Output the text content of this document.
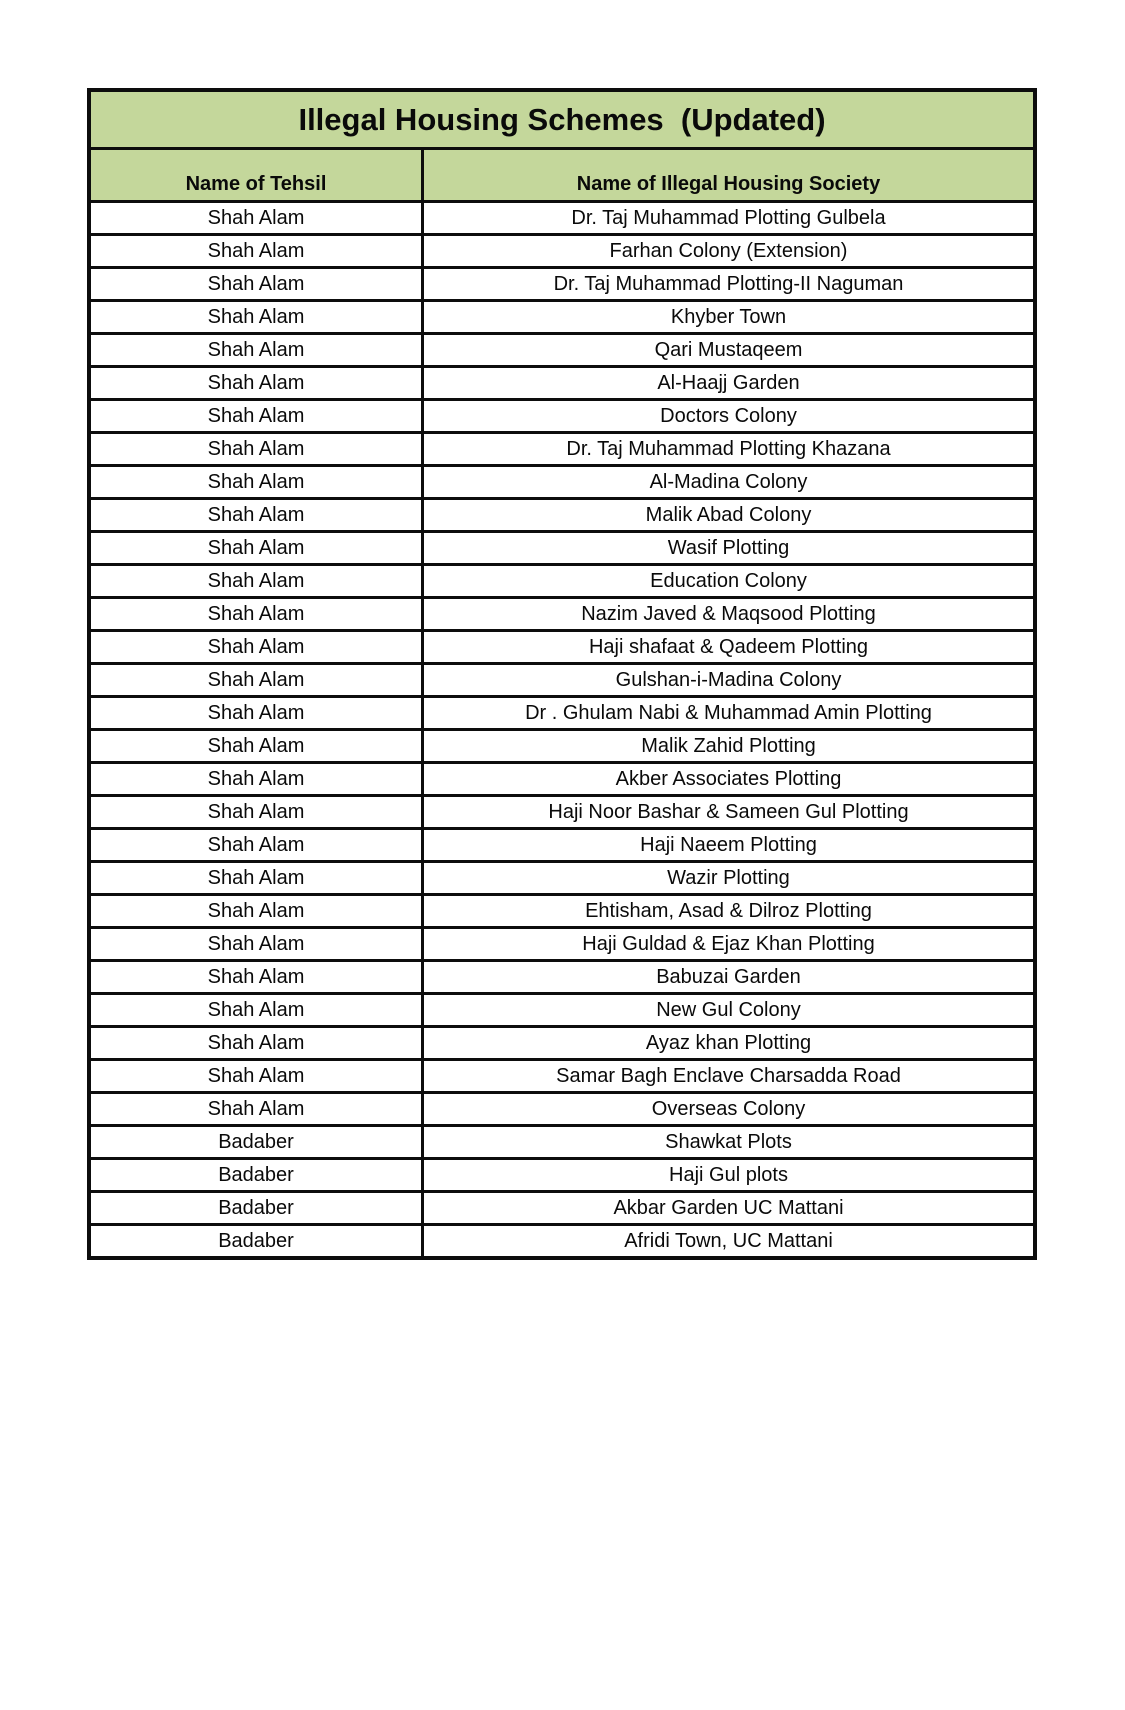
Illegal Housing Schemes  (Updated)
Name of Tehsil	Name of Illegal Housing Society
Shah Alam	Dr. Taj Muhammad Plotting Gulbela
Shah Alam	Farhan Colony (Extension)
Shah Alam	Dr. Taj Muhammad Plotting-II Naguman
Shah Alam	Khyber Town
Shah Alam	Qari Mustaqeem
Shah Alam	Al-Haajj Garden
Shah Alam	Doctors Colony
Shah Alam	Dr. Taj Muhammad Plotting Khazana
Shah Alam	Al-Madina Colony
Shah Alam	Malik Abad Colony
Shah Alam	Wasif Plotting
Shah Alam	Education Colony
Shah Alam	Nazim Javed & Maqsood Plotting
Shah Alam	Haji shafaat & Qadeem Plotting
Shah Alam	Gulshan-i-Madina Colony
Shah Alam	Dr . Ghulam Nabi & Muhammad Amin Plotting
Shah Alam	Malik Zahid Plotting
Shah Alam	Akber Associates Plotting
Shah Alam	Haji Noor Bashar & Sameen Gul Plotting
Shah Alam	Haji Naeem Plotting
Shah Alam	Wazir Plotting
Shah Alam	Ehtisham, Asad & Dilroz Plotting
Shah Alam	Haji Guldad & Ejaz Khan Plotting
Shah Alam	Babuzai Garden
Shah Alam	New Gul Colony
Shah Alam	Ayaz khan Plotting
Shah Alam	Samar Bagh Enclave Charsadda Road
Shah Alam	Overseas Colony
Badaber	Shawkat Plots
Badaber	Haji Gul plots
Badaber	Akbar Garden UC Mattani
Badaber	Afridi Town, UC Mattani
